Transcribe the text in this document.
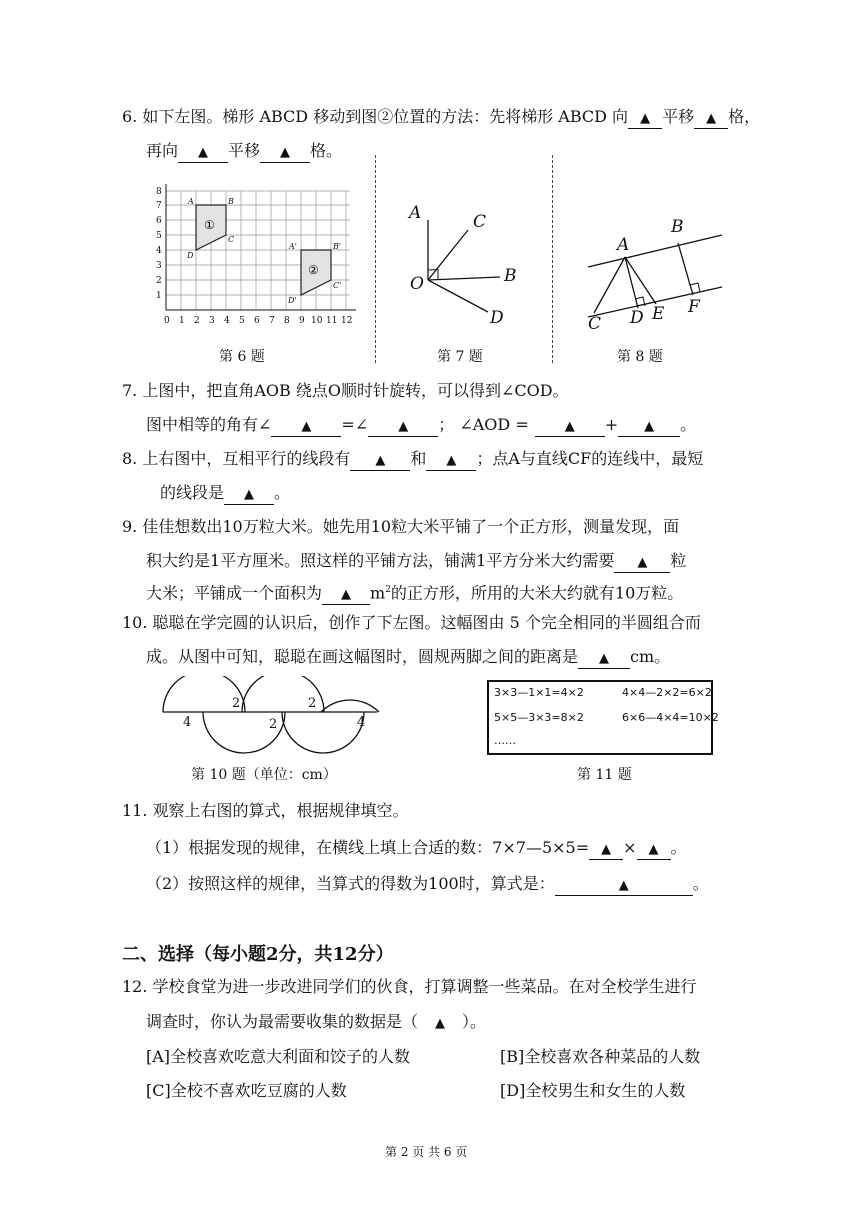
6. 如下左图。梯形 ABCD 移动到图②位置的方法：先将梯形 ABCD 向 ▲ 平移 ▲ 格，
再向 ▲ 平移 ▲ 格。
0 1 2 3 4 5 6 7 8 9 10 11 12
1
2
3
4
5
6
7
8
A	B
C
D
A'	B'
C'
D'
①
②
第 6 题
A	C
B
O
D
第 7 题
A
B
C D E F
第 8 题
7. 上图中，把直角AOB 绕点O顺时针旋转，可以得到∠COD。
图中相等的角有∠ ▲ =∠ ▲ ； ∠AOD =	▲ + ▲ 。
8. 上右图中，互相平行的线段有 ▲ 和 ▲ ；点A与直线CF的连线中，最短
的线段是 ▲ 。
9. 佳佳想数出10万粒大米。她先用10粒大米平铺了一个正方形，测量发现，面
积大约是1平方厘米。照这样的平铺方法，铺满1平方分米大约需要 ▲ 粒
大米；平铺成一个面积为 ▲ $m^2$的正方形，所用的大米大约就有10万粒。
10. 聪聪在学完圆的认识后，创作了下左图。这幅图由 5 个完全相同的半圆组合而
成。从图中可知，聪聪在画这幅图时，圆规两脚之间的距离是 ▲ cm。
4
2
2
2
4
第 10 题（单位：cm）
3×3—1×1=4×2	4×4—2×2=6×2
5×5—3×3=8×2	6×6—4×4=10×2
……
第 11 题
11. 观察上右图的算式，根据规律填空。
（1）根据发现的规律，在横线上填上合适的数：7×7—5×5= ▲ × ▲ 。
（2）按照这样的规律，当算式的得数为100时，算式是：	▲	。
二、选择（每小题2分，共12分）
12. 学校食堂为进一步改进同学们的伙食，打算调整一些菜品。在对全校学生进行
调查时，你认为最需要收集的数据是（ ▲ ）。
[A]全校喜欢吃意大利面和饺子的人数	[B]全校喜欢各种菜品的人数
[C]全校不喜欢吃豆腐的人数	[D]全校男生和女生的人数
第 2 页 共 6 页
